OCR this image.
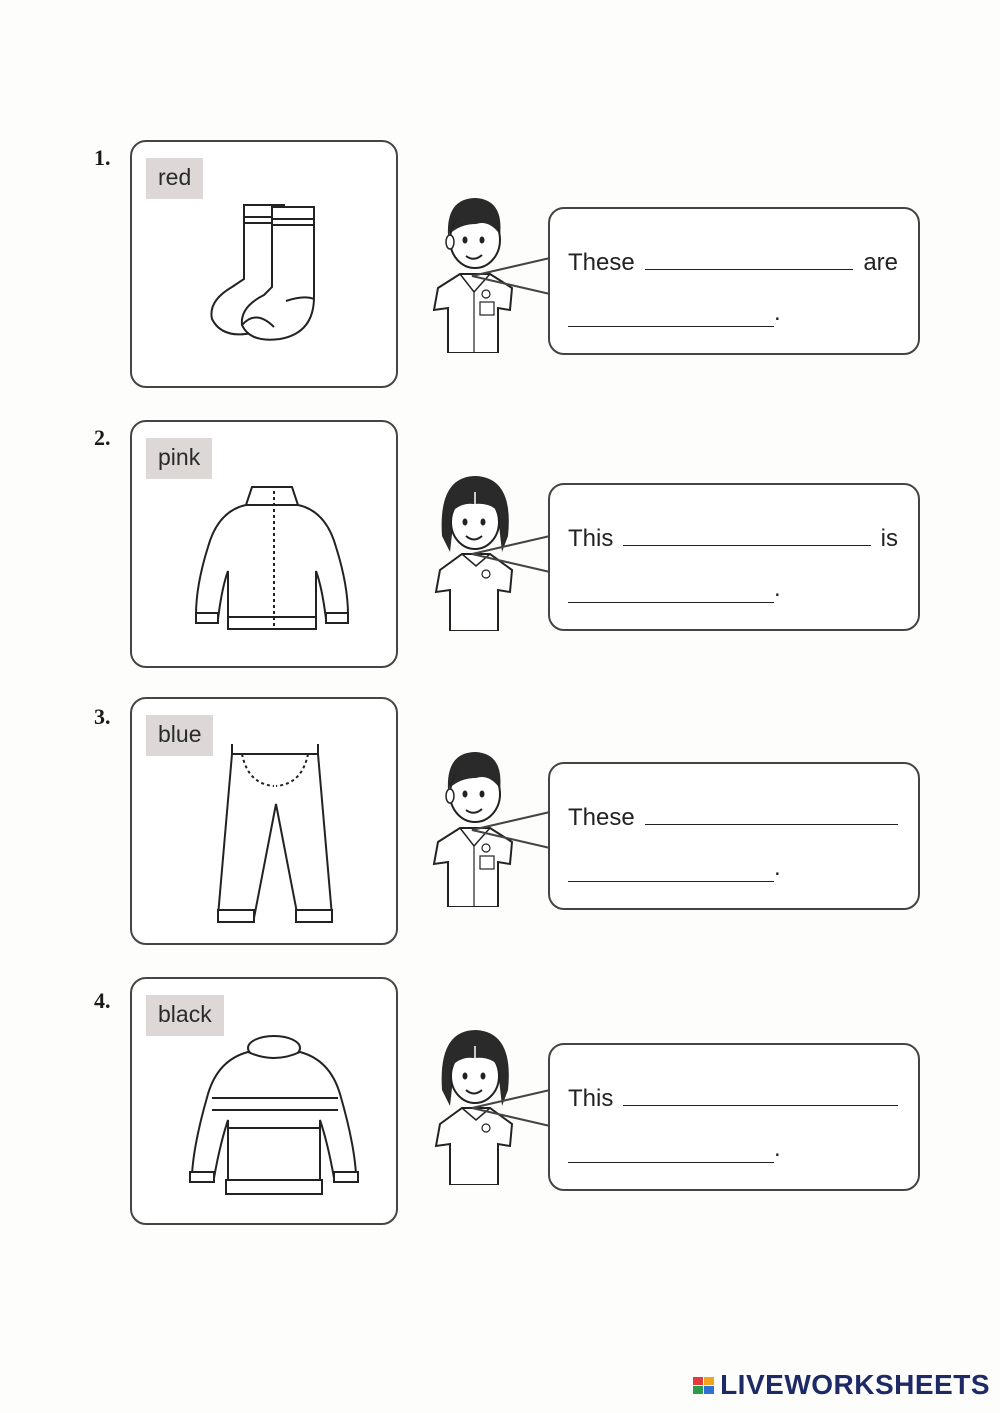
1.
red
These	are
.
2.
pink
This	is
.
3.
blue
These
.
4.
black
This
.
LIVEWORKSHEETS
